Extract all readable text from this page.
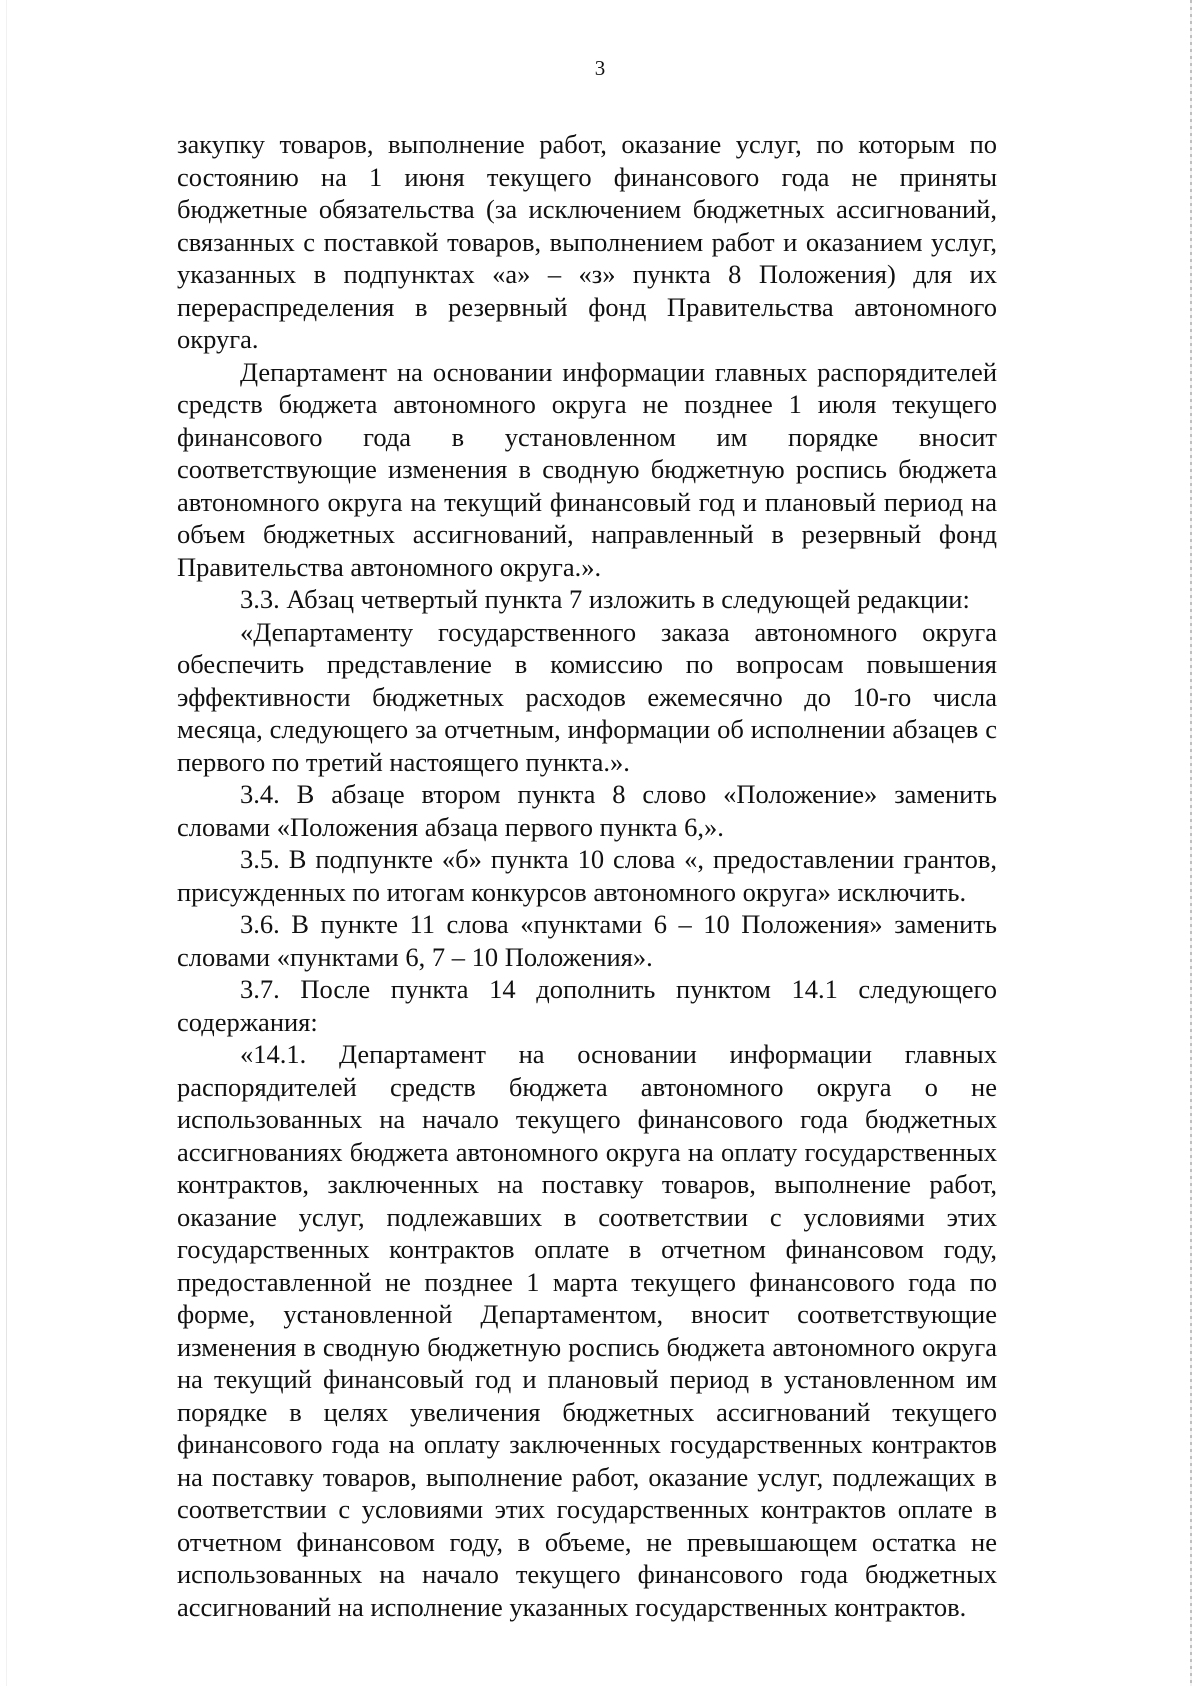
3

закупку товаров, выполнение работ, оказание услуг, по которым по состоянию на 1 июня текущего финансового года не приняты бюджетные обязательства (за исключением бюджетных ассигнований, связанных с поставкой товаров, выполнением работ и оказанием услуг, указанных в подпунктах «а» – «з» пункта 8 Положения) для их перераспределения в резервный фонд Правительства автономного округа.

Департамент на основании информации главных распорядителей средств бюджета автономного округа не позднее 1 июля текущего финансового года в установленном им порядке вносит соответствующие изменения в сводную бюджетную роспись бюджета автономного округа на текущий финансовый год и плановый период на объем бюджетных ассигнований, направленный в резервный фонд Правительства автономного округа.».

3.3. Абзац четвертый пункта 7 изложить в следующей редакции:

«Департаменту государственного заказа автономного округа обеспечить представление в комиссию по вопросам повышения эффективности бюджетных расходов ежемесячно до 10-го числа месяца, следующего за отчетным, информации об исполнении абзацев с первого по третий настоящего пункта.».

3.4. В абзаце втором пункта 8 слово «Положение» заменить словами «Положения абзаца первого пункта 6,».

3.5. В подпункте «б» пункта 10 слова «, предоставлении грантов, присужденных по итогам конкурсов автономного округа» исключить.

3.6. В пункте 11 слова «пунктами 6 – 10 Положения» заменить словами «пунктами 6, 7 – 10 Положения».

3.7. После пункта 14 дополнить пунктом 14.1 следующего содержания:

«14.1. Департамент на основании информации главных распорядителей средств бюджета автономного округа о не использованных на начало текущего финансового года бюджетных ассигнованиях бюджета автономного округа на оплату государственных контрактов, заключенных на поставку товаров, выполнение работ, оказание услуг, подлежавших в соответствии с условиями этих государственных контрактов оплате в отчетном финансовом году, предоставленной не позднее 1 марта текущего финансового года по форме, установленной Департаментом, вносит соответствующие изменения в сводную бюджетную роспись бюджета автономного округа на текущий финансовый год и плановый период в установленном им порядке в целях увеличения бюджетных ассигнований текущего финансового года на оплату заключенных государственных контрактов на поставку товаров, выполнение работ, оказание услуг, подлежащих в соответствии с условиями этих государственных контрактов оплате в отчетном финансовом году, в объеме, не превышающем остатка не использованных на начало текущего финансового года бюджетных ассигнований на исполнение указанных государственных контрактов.
